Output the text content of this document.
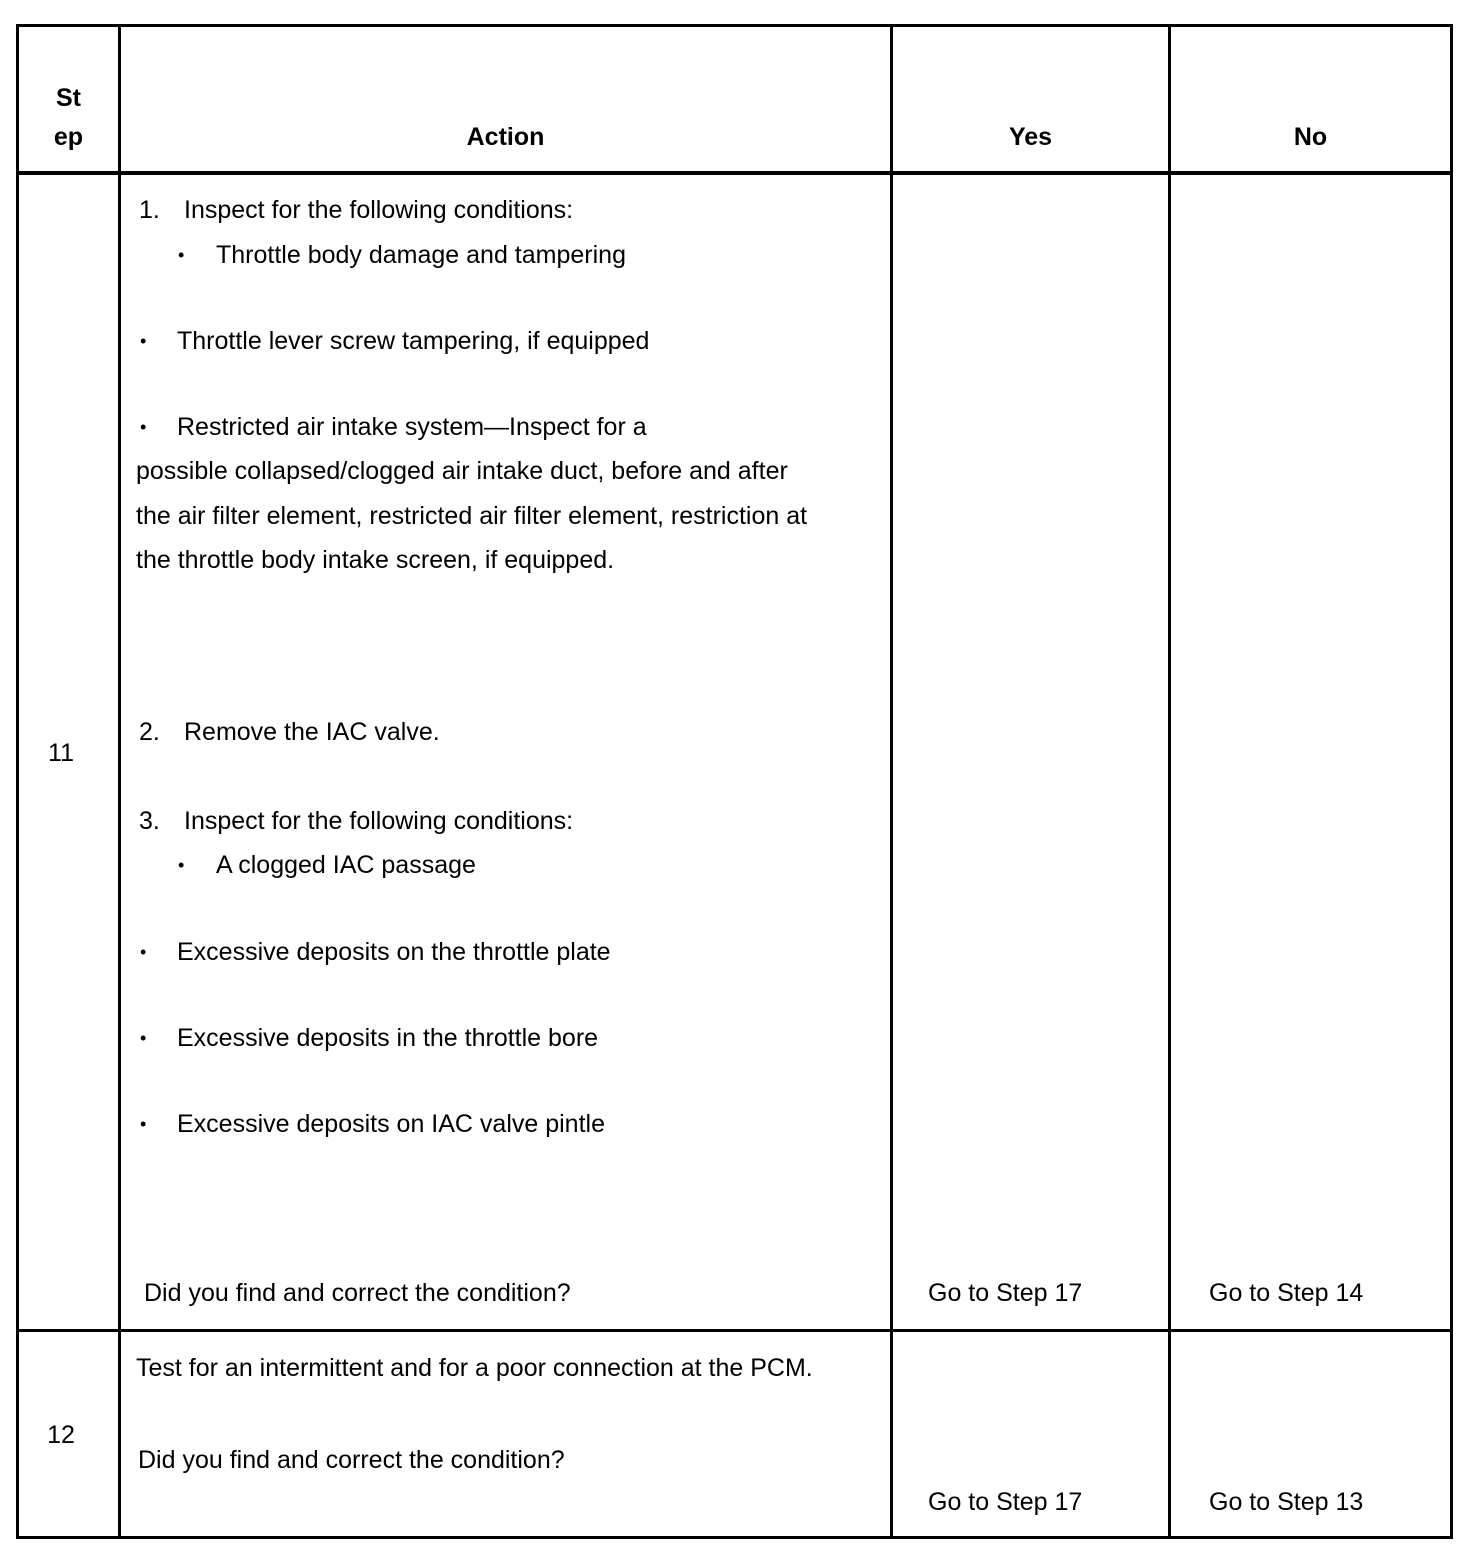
St
ep	Action	Yes	No
11
1. Inspect for the following conditions:
• Throttle body damage and tampering
• Throttle lever screw tampering, if equipped
• Restricted air intake system—Inspect for a
possible collapsed/clogged air intake duct, before and after the air filter element, restricted air filter element, restriction at the throttle body intake screen, if equipped.
2. Remove the IAC valve.
3. Inspect for the following conditions:
• A clogged IAC passage
• Excessive deposits on the throttle plate
• Excessive deposits in the throttle bore
• Excessive deposits on IAC valve pintle
Did you find and correct the condition?	Go to Step 17	Go to Step 14
12
Test for an intermittent and for a poor connection at the PCM.
Did you find and correct the condition?
Go to Step 17	Go to Step 13
